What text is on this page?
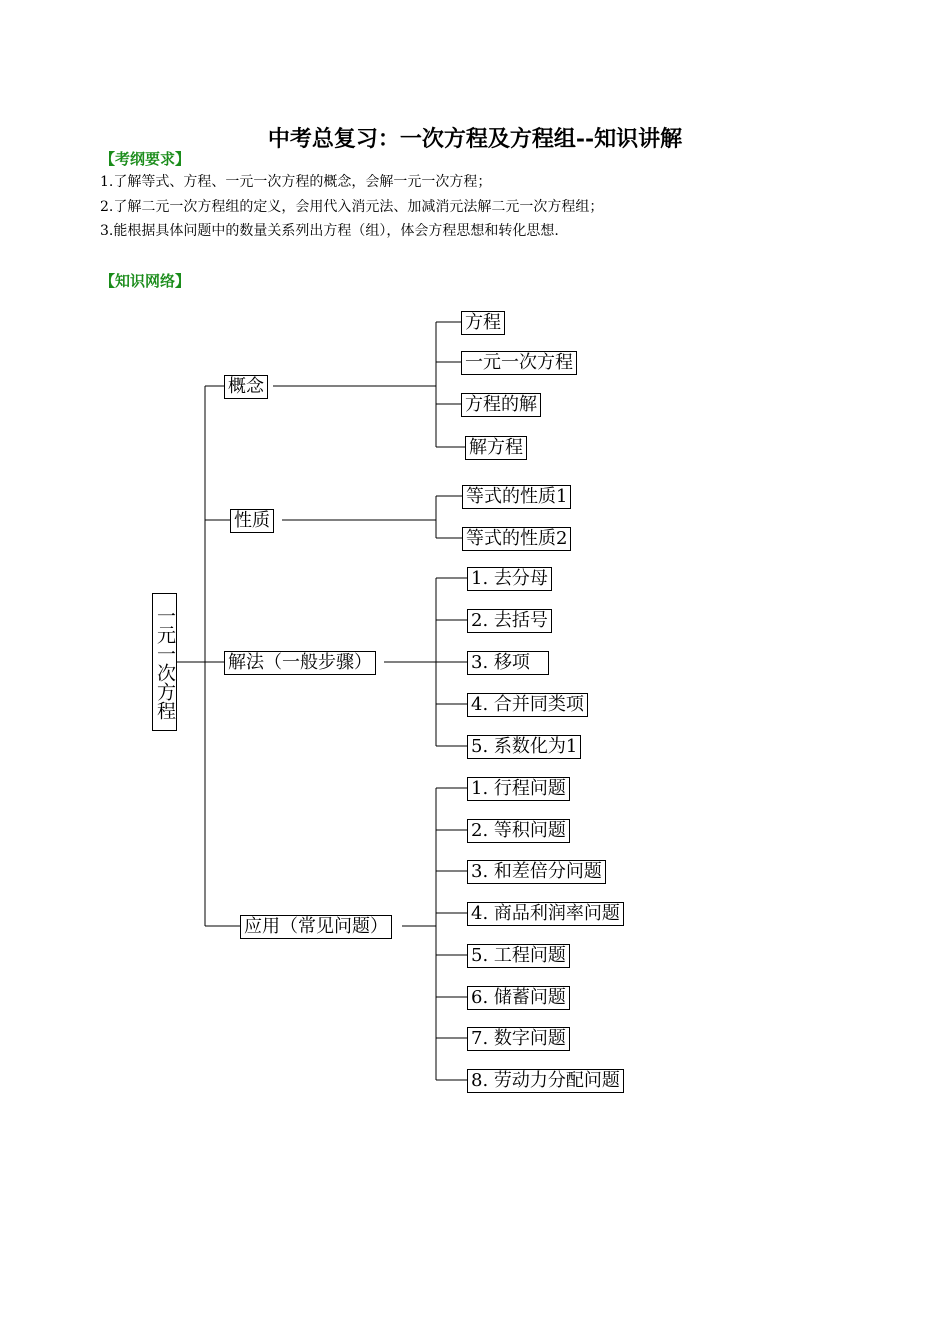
中考总复习：一次方程及方程组--知识讲解
【考纲要求】
1.了解等式、方程、一元一次方程的概念，会解一元一次方程；
2.了解二元一次方程组的定义，会用代入消元法、加减消元法解二元一次方程组；
3.能根据具体问题中的数量关系列出方程（组），体会方程思想和转化思想.
【知识网络】
一元一次方程
概念
性质
解法（一般步骤）
应用（常见问题）
方程
一元一次方程
方程的解
解方程
等式的性质1
等式的性质2
1. 去分母
2. 去括号
3. 移项
4. 合并同类项
5. 系数化为1
1. 行程问题
2. 等积问题
3. 和差倍分问题
4. 商品利润率问题
5. 工程问题
6. 储蓄问题
7. 数字问题
8. 劳动力分配问题
